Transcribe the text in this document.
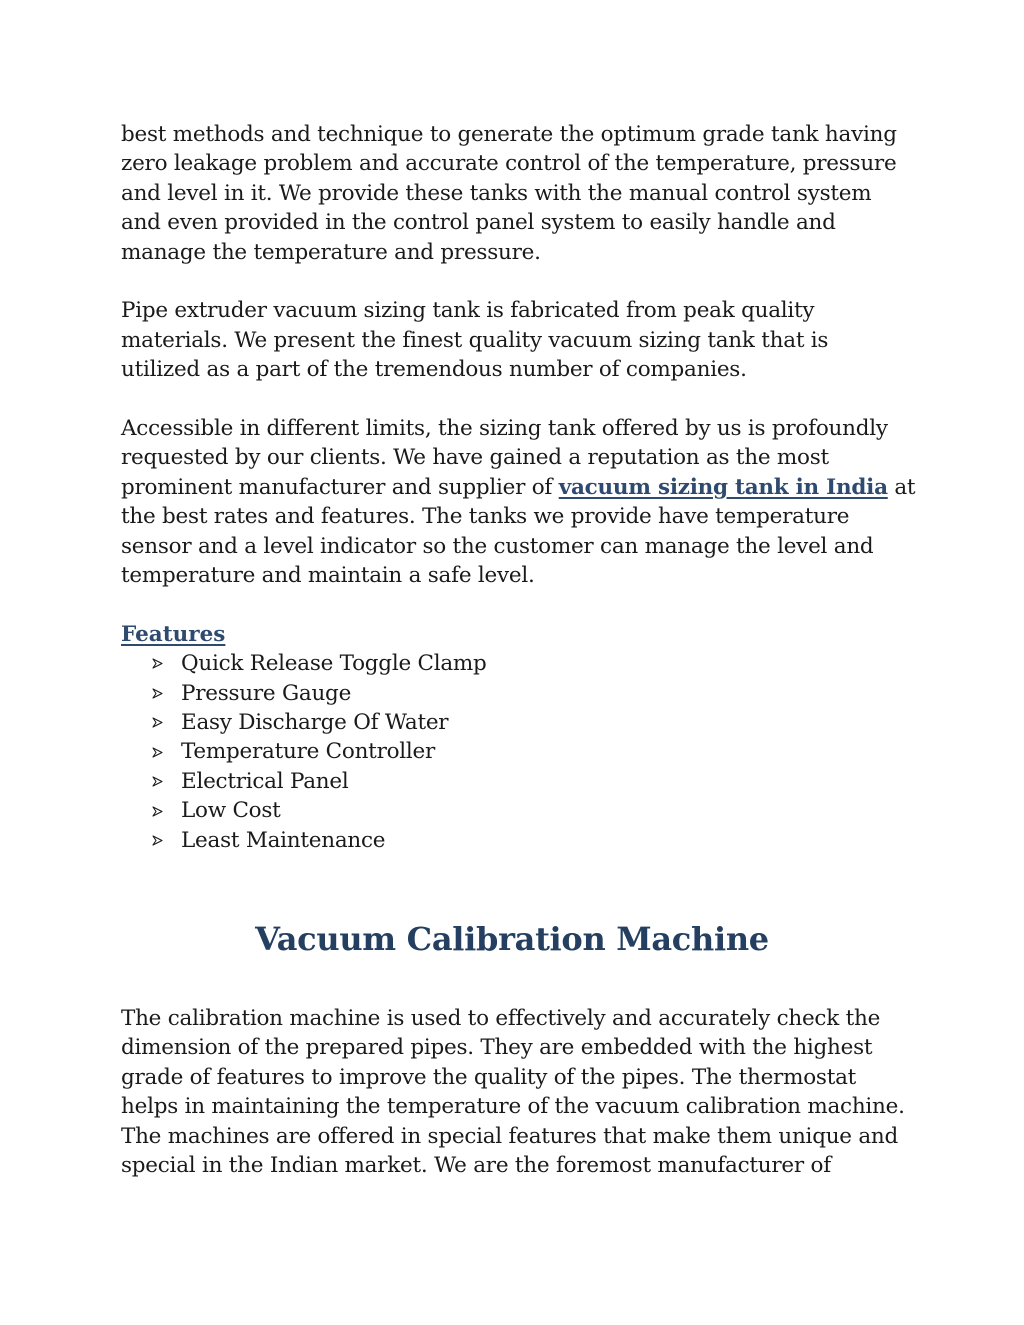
best methods and technique to generate the optimum grade tank having
zero leakage problem and accurate control of the temperature, pressure
and level in it. We provide these tanks with the manual control system
and even provided in the control panel system to easily handle and
manage the temperature and pressure.

Pipe extruder vacuum sizing tank is fabricated from peak quality
materials. We present the finest quality vacuum sizing tank that is
utilized as a part of the tremendous number of companies.

Accessible in different limits, the sizing tank offered by us is profoundly
requested by our clients. We have gained a reputation as the most
prominent manufacturer and supplier of vacuum sizing tank in India at
the best rates and features. The tanks we provide have temperature
sensor and a level indicator so the customer can manage the level and
temperature and maintain a safe level.

Features
Quick Release Toggle Clamp
Pressure Gauge
Easy Discharge Of Water
Temperature Controller
Electrical Panel
Low Cost
Least Maintenance
Vacuum Calibration Machine

The calibration machine is used to effectively and accurately check the
dimension of the prepared pipes. They are embedded with the highest
grade of features to improve the quality of the pipes. The thermostat
helps in maintaining the temperature of the vacuum calibration machine.
The machines are offered in special features that make them unique and
special in the Indian market. We are the foremost manufacturer of
